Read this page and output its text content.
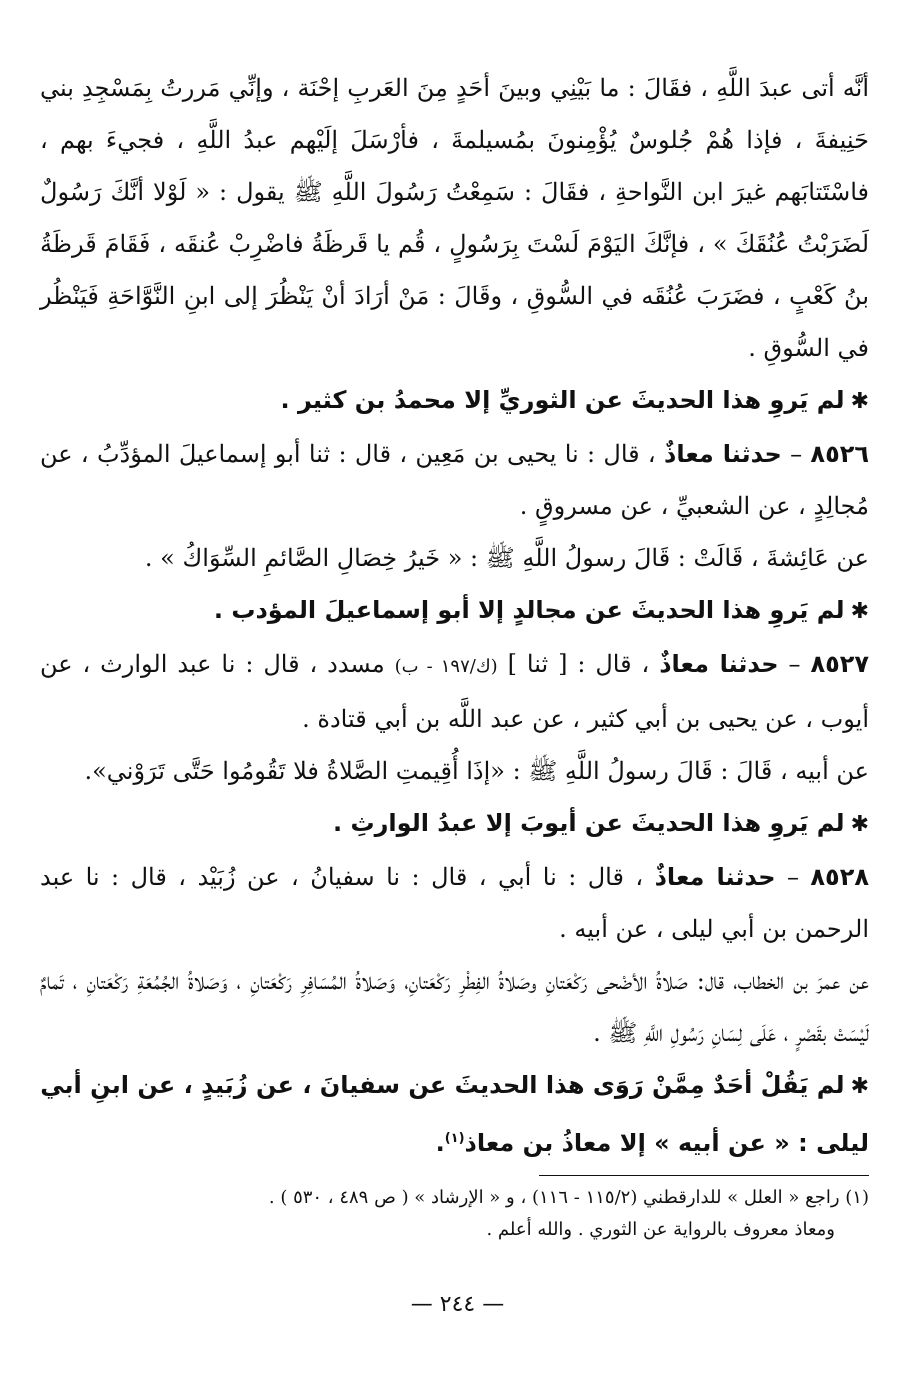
أنَّه أتى عبدَ اللَّهِ ، فقَالَ : ما بَيْنِي وبينَ أحَدٍ مِنَ العَربِ إحْنَة ، وإنِّي مَررتُ بِمَسْجِدِ بني حَنِيفةَ ، فإذا هُمْ جُلوسٌ يُؤْمِنونَ بمُسيلمةَ ، فأرْسَلَ إلَيْهم عبدُ اللَّهِ ، فجيءَ بهم ، فاسْتَتابَهم غيرَ ابن النَّواحةِ ، فقَالَ : سَمِعْتُ رَسُولَ اللَّهِ ﷺ يقول : « لَوْلا أنَّكَ رَسُولٌ لَضَرَبْتُ عُنُقَكَ » ، فإنَّكَ اليَوْمَ لَسْتَ بِرَسُولٍ ، قُم يا قَرظَةُ فاضْرِبْ عُنقَه ، فَقَامَ قَرظَةُ بنُ كَعْبٍ ، فضَرَبَ عُنُقَه في السُّوقِ ، وقَالَ : مَنْ أرَادَ أنْ يَنْظُرَ إلى ابنِ النَّوَّاحَةِ فَيَنْظُر في السُّوقِ .

✱لم يَروِ هذا الحديثَ عن الثوريِّ إلا محمدُ بن كثير .

٨٥٢٦ – حدثنا معاذٌ ، قال : نا يحيى بن مَعِين ، قال : ثنا أبو إسماعيلَ المؤدِّبُ ، عن مُجالِدٍ ، عن الشعبيِّ ، عن مسروقٍ .

عن عَائِشةَ ، قَالَتْ : قَالَ رسولُ اللَّهِ ﷺ : « خَيرُ خِصَالِ الصَّائمِ السِّوَاكُ » .

✱لم يَروِ هذا الحديثَ عن مجالدٍ إلا أبو إسماعيلَ المؤدب .

٨٥٢٧ – حدثنا معاذٌ ، قال : [ ثنا ] (ك/١٩٧ - ب) مسدد ، قال : نا عبد الوارث ، عن أيوب ، عن يحيى بن أبي كثير ، عن عبد اللَّه بن أبي قتادة .

عن أبيه ، قَالَ : قَالَ رسولُ اللَّهِ ﷺ : «إذَا أُقِيمتِ الصَّلاةُ فلا تَقُومُوا حَتَّى تَرَوْني».

✱لم يَروِ هذا الحديثَ عن أيوبَ إلا عبدُ الوارثِ .

٨٥٢٨ – حدثنا معاذٌ ، قال : نا أبي ، قال : نا سفيانُ ، عن زُبَيْد ، قال : نا عبد الرحمن بن أبي ليلى ، عن أبيه .

عن عمرَ بن الخطاب، قال: صَلاةُ الأضْحى رَكْعَتانِ وصَلاةُ الفِطْرِ رَكْعَتانِ، وَصَلاةُ المُسَافِرِ رَكْعَتانِ ، وَصَلاةُ الجُمُعَةِ رَكْعَتانِ ، تَمامٌ لَيْسَتْ بقَصْرٍ ، عَلَى لِسَانِ رَسُولِ اللَّهِ ﷺ .

✱لم يَقُلْ أحَدٌ مِمَّنْ رَوَى هذا الحديثَ عن سفيانَ ، عن زُبَيدٍ ، عن ابنِ أبي ليلى : « عن أبيه » إلا معاذُ بن معاذ$^{(١)}$.

(١) راجع « العلل » للدارقطني (١١٥/٢ - ١١٦) ، و « الإرشاد » ( ص ٤٨٩ ، ٥٣٠ ) .

ومعاذ معروف بالرواية عن الثوري . والله أعلم .

— ٢٤٤ —
